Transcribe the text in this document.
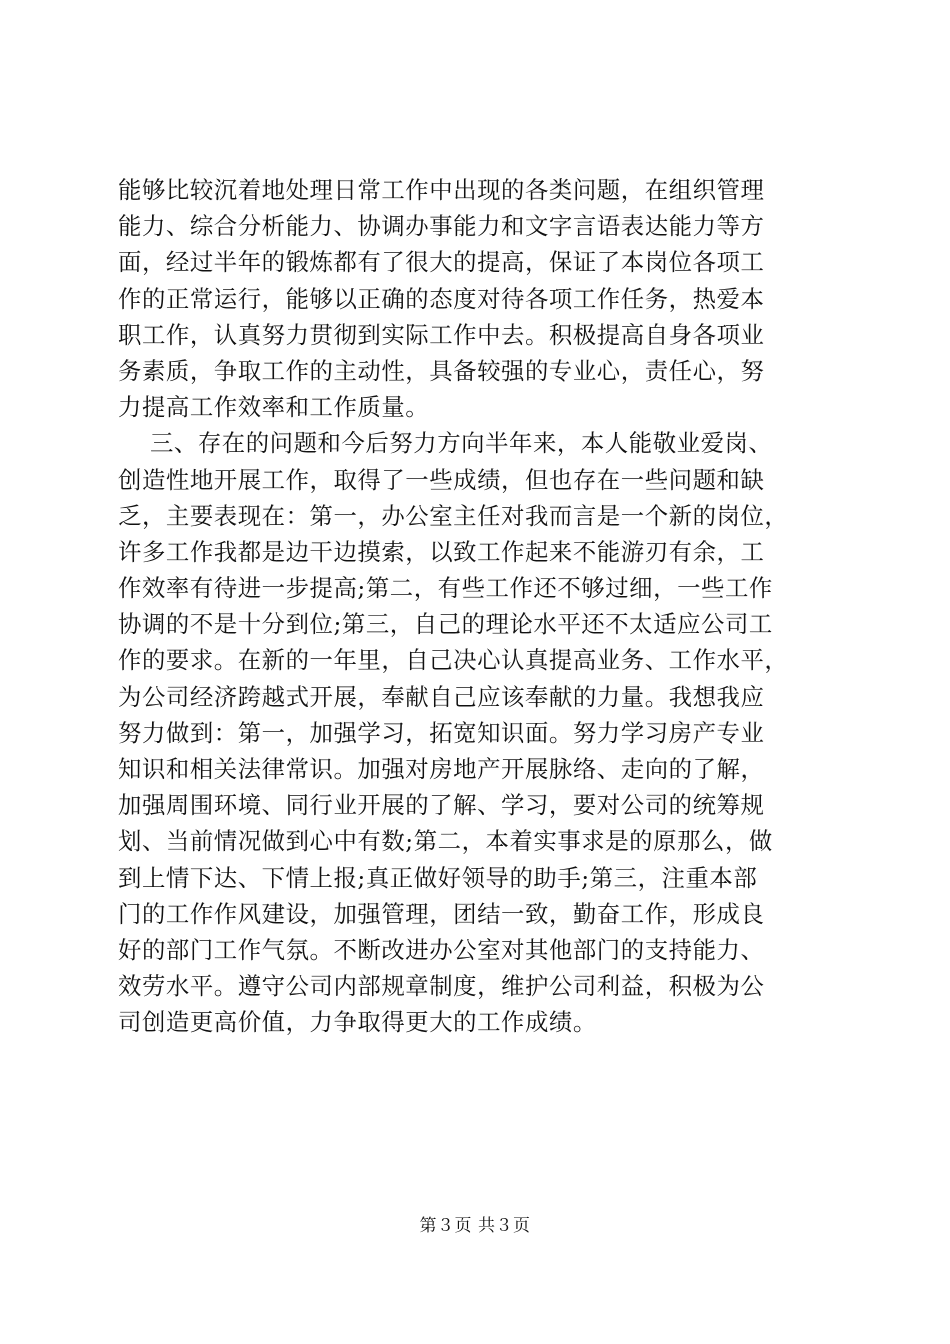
能够比较沉着地处理日常工作中出现的各类问题，在组织管理
能力、综合分析能力、协调办事能力和文字言语表达能力等方
面，经过半年的锻炼都有了很大的提高，保证了本岗位各项工
作的正常运行，能够以正确的态度对待各项工作任务，热爱本
职工作，认真努力贯彻到实际工作中去。积极提高自身各项业
务素质，争取工作的主动性，具备较强的专业心，责任心，努
力提高工作效率和工作质量。
三、存在的问题和今后努力方向半年来，本人能敬业爱岗、
创造性地开展工作，取得了一些成绩，但也存在一些问题和缺
乏，主要表现在：第一，办公室主任对我而言是一个新的岗位，
许多工作我都是边干边摸索，以致工作起来不能游刃有余，工
作效率有待进一步提高;第二，有些工作还不够过细，一些工作
协调的不是十分到位;第三，自己的理论水平还不太适应公司工
作的要求。在新的一年里，自己决心认真提高业务、工作水平，
为公司经济跨越式开展，奉献自己应该奉献的力量。我想我应
努力做到：第一，加强学习，拓宽知识面。努力学习房产专业
知识和相关法律常识。加强对房地产开展脉络、走向的了解，
加强周围环境、同行业开展的了解、学习，要对公司的统筹规
划、当前情况做到心中有数;第二，本着实事求是的原那么，做
到上情下达、下情上报;真正做好领导的助手;第三，注重本部
门的工作作风建设，加强管理，团结一致，勤奋工作，形成良
好的部门工作气氛。不断改进办公室对其他部门的支持能力、
效劳水平。遵守公司内部规章制度，维护公司利益，积极为公
司创造更高价值，力争取得更大的工作成绩。
第３页 共３页
